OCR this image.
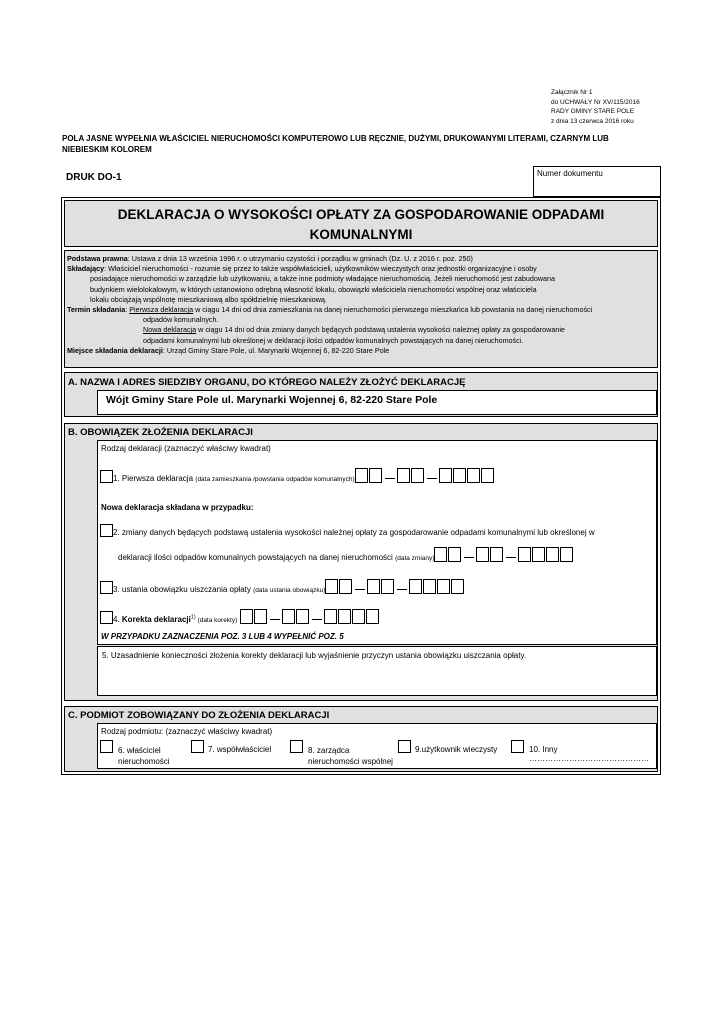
Załącznik Nr 1
do UCHWAŁY Nr XV/115/2016
RADY GMINY STARE POLE
z dnia 13 czerwca 2016 roku
POLA JASNE WYPEŁNIA WŁAŚCICIEL NIERUCHOMOŚCI KOMPUTEROWO LUB RĘCZNIE, DUŻYMI, DRUKOWANYMI LITERAMI, CZARNYM LUB NIEBIESKIM KOLOREM
DRUK DO-1	Numer dokumentu
DEKLARACJA O WYSOKOŚCI OPŁATY ZA GOSPODAROWANIE ODPADAMI KOMUNALNYMI

Podstawa prawna: Ustawa z dnia 13 września 1996 r. o utrzymaniu czystości i porządku w gminach (Dz. U. z 2016 r. poz. 250)

Składający: Właściciel nieruchomości - rozumie się przez to także współwłaścicieli, użytkowników wieczystych oraz jednostki organizacyjne i osoby

posiadające nieruchomości w zarządzie lub użytkowaniu, a także inne podmioty władające nieruchomością. Jeżeli nieruchomość jest zabudowana

budynkiem wielolokalowym, w których ustanowiono odrębną własność lokalu, obowiązki właściciela nieruchomości wspólnej oraz właściciela

lokalu obciążają wspólnotę mieszkaniową albo spółdzielnię mieszkaniową.

Termin składania: Pierwsza deklaracja w ciągu 14 dni od dnia zamieszkania na danej nieruchomości pierwszego mieszkańca lub powstania na danej nieruchomości

odpadów komunalnych.

Nowa deklaracja w ciągu 14 dni od dnia zmiany danych będących podstawą ustalenia wysokości należnej opłaty za gospodarowanie

odpadami komunalnymi lub określonej w deklaracji ilości odpadów komunalnych powstających na danej nieruchomości.

Miejsce składania deklaracji: Urząd Gminy Stare Pole, ul. Marynarki Wojennej 6, 82-220 Stare Pole

A. NAZWA I ADRES SIEDZIBY ORGANU, DO KTÓREGO NALEŻY ZŁOŻYĆ DEKLARACJĘ
Wójt Gminy Stare Pole ul. Marynarki Wojennej 6, 82-220 Stare Pole
B. OBOWIĄZEK ZŁOŻENIA DEKLARACJI
Rodzaj deklaracji (zaznaczyć właściwy kwadrat)
1. Pierwsza deklaracja (data zamieszkania /powstania odpadów komunalnych)
Nowa deklaracja składana w przypadku:
2. zmiany danych będących podstawą ustalenia wysokości należnej opłaty za gospodarowanie odpadami komunalnymi lub określonej w
deklaracji ilości odpadów komunalnych powstających na danej nieruchomości (data zmiany)
3. ustania obowiązku uiszczania opłaty (data ustania obowiązku)
4. Korekta deklaracji$^{1)}$ (data korekty)
W PRZYPADKU ZAZNACZENIA POZ. 3 LUB 4 WYPEŁNIĆ POZ. 5
5. Uzasadnienie konieczności złożenia korekty deklaracji lub wyjaśnienie przyczyn ustania obowiązku uiszczania opłaty.
C. PODMIOT ZOBOWIĄZANY DO ZŁOŻENIA DEKLARACJI
Rodzaj podmiotu: (zaznaczyć właściwy kwadrat)
6. właściciel
nieruchomości
7. współwłaściciel	8. zarządca
nieruchomości wspólnej
9.użytkownik wieczysty	10. Inny ………………………………………
